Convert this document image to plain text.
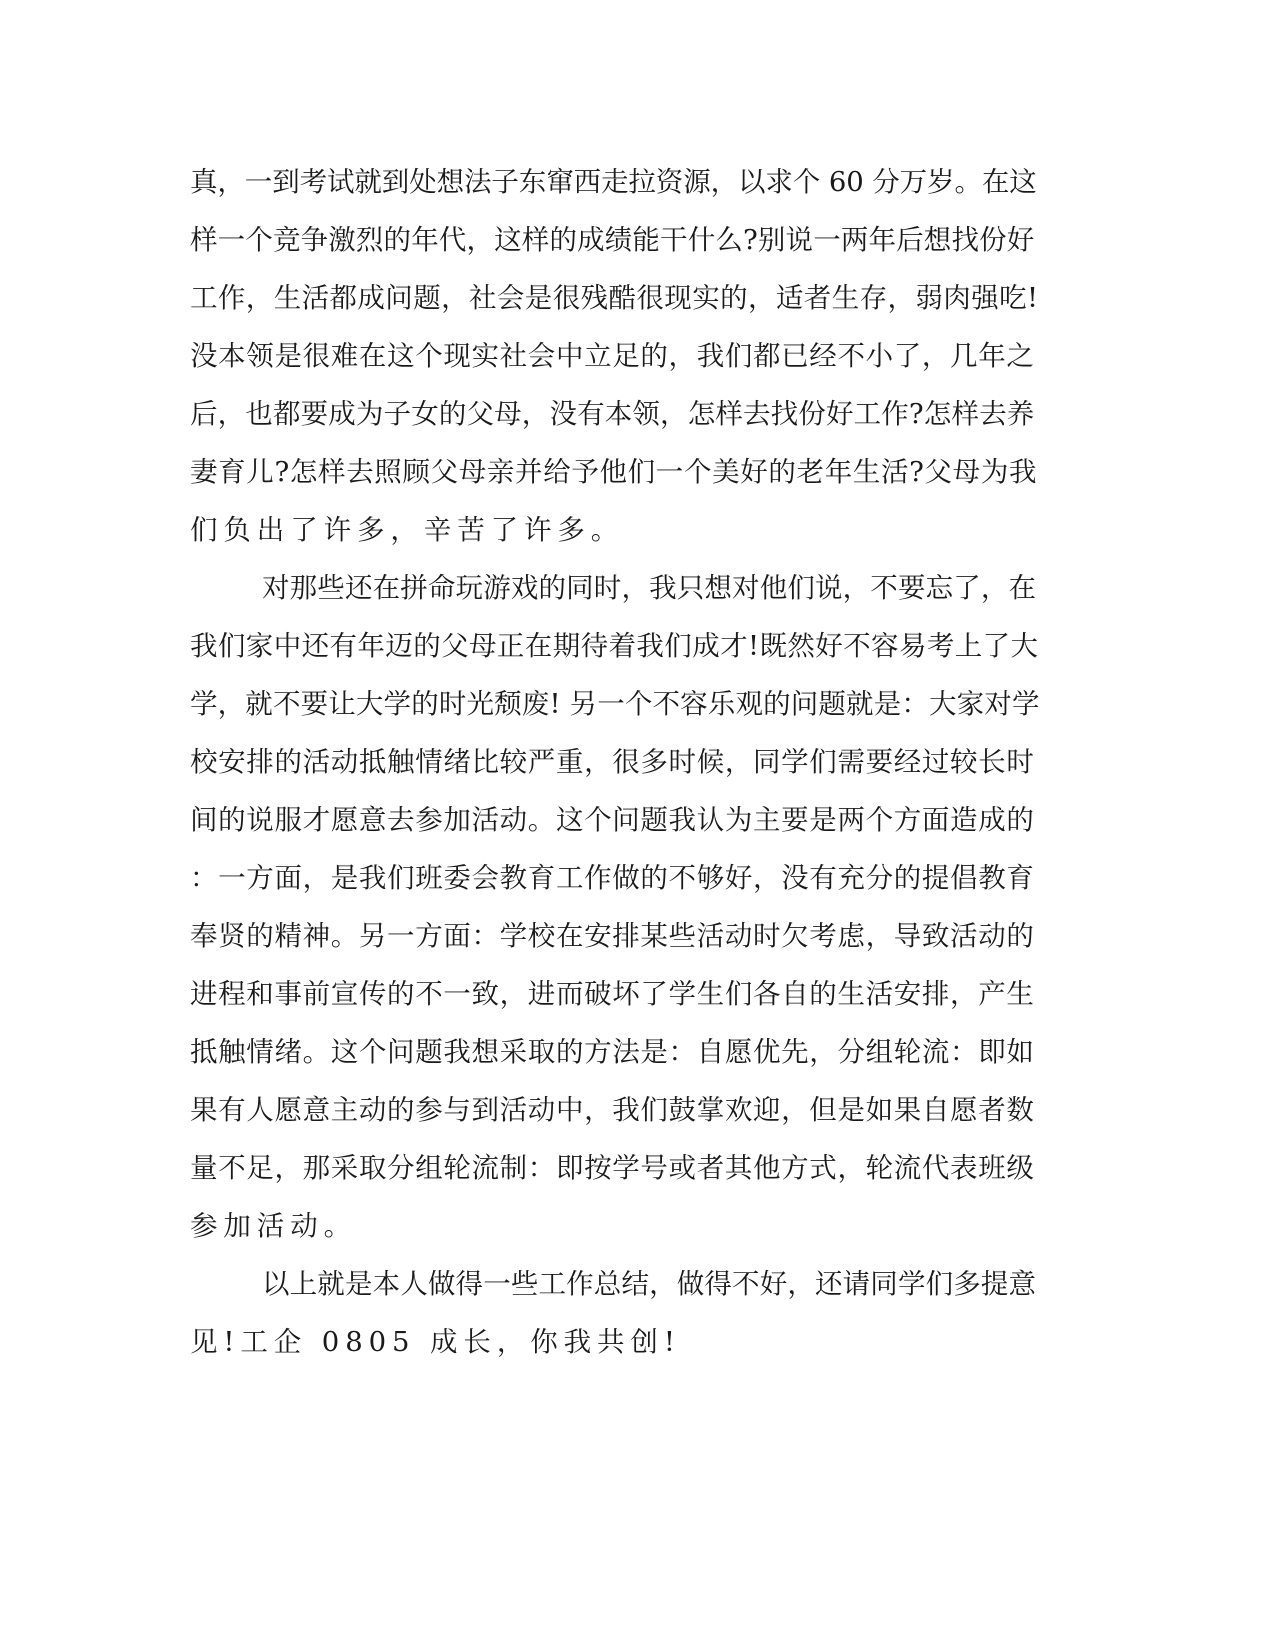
真，一到考试就到处想法子东窜西走拉资源，以求个 60 分万岁。在这

样一个竞争激烈的年代，这样的成绩能干什么?别说一两年后想找份好

工作，生活都成问题，社会是很残酷很现实的，适者生存，弱肉强吃!

没本领是很难在这个现实社会中立足的，我们都已经不小了，几年之

后，也都要成为子女的父母，没有本领，怎样去找份好工作?怎样去养

妻育儿?怎样去照顾父母亲并给予他们一个美好的老年生活?父母为我

们负出了许多，辛苦了许多。

对那些还在拼命玩游戏的同时，我只想对他们说，不要忘了，在

我们家中还有年迈的父母正在期待着我们成才!既然好不容易考上了大

学，就不要让大学的时光颓废! 另一个不容乐观的问题就是：大家对学

校安排的活动抵触情绪比较严重，很多时候，同学们需要经过较长时

间的说服才愿意去参加活动。这个问题我认为主要是两个方面造成的

：一方面，是我们班委会教育工作做的不够好，没有充分的提倡教育

奉贤的精神。另一方面：学校在安排某些活动时欠考虑，导致活动的

进程和事前宣传的不一致，进而破坏了学生们各自的生活安排，产生

抵触情绪。这个问题我想采取的方法是：自愿优先，分组轮流：即如

果有人愿意主动的参与到活动中，我们鼓掌欢迎，但是如果自愿者数

量不足，那采取分组轮流制：即按学号或者其他方式，轮流代表班级

参加活动。

以上就是本人做得一些工作总结，做得不好，还请同学们多提意

见!工企 0805 成长，你我共创!
